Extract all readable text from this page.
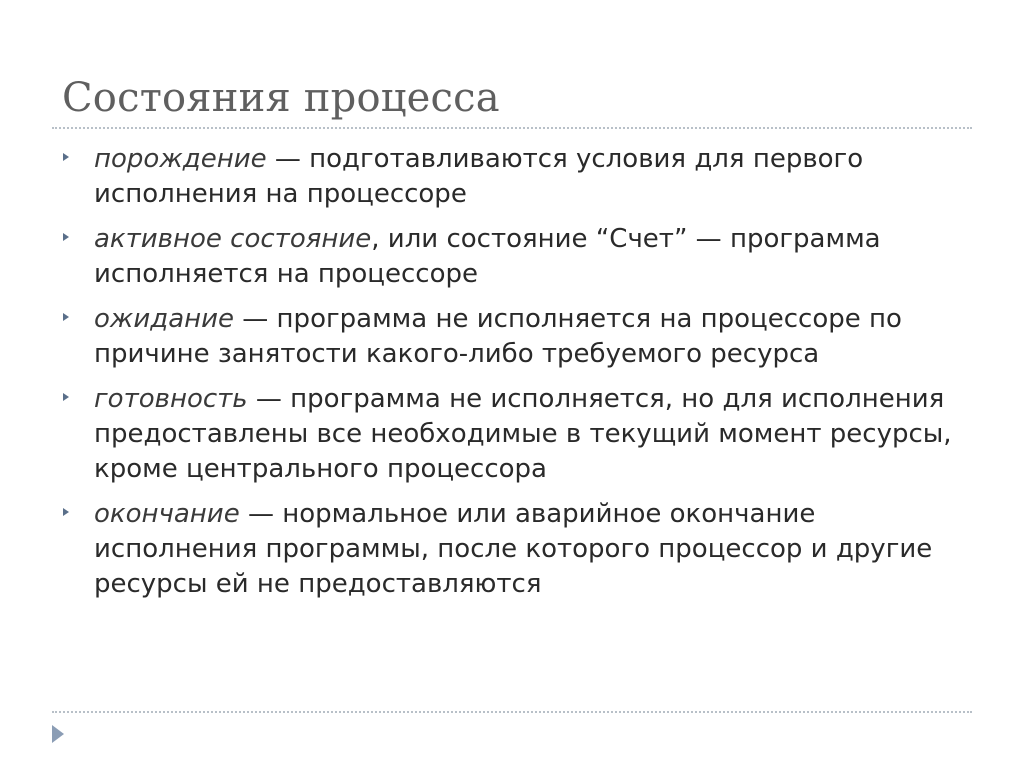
Состояния процесса
порождение — подготавливаются условия для первого исполнения на процессоре
активное состояние, или состояние “Счет” — программа исполняется на процессоре
ожидание — программа не исполняется на процессоре по причине занятости какого-либо требуемого ресурса
готовность — программа не исполняется, но для исполнения предоставлены все необходимые в текущий момент ресурсы, кроме центрального процессора
окончание — нормальное или аварийное окончание исполнения программы, после которого процессор и другие ресурсы ей не предоставляются
